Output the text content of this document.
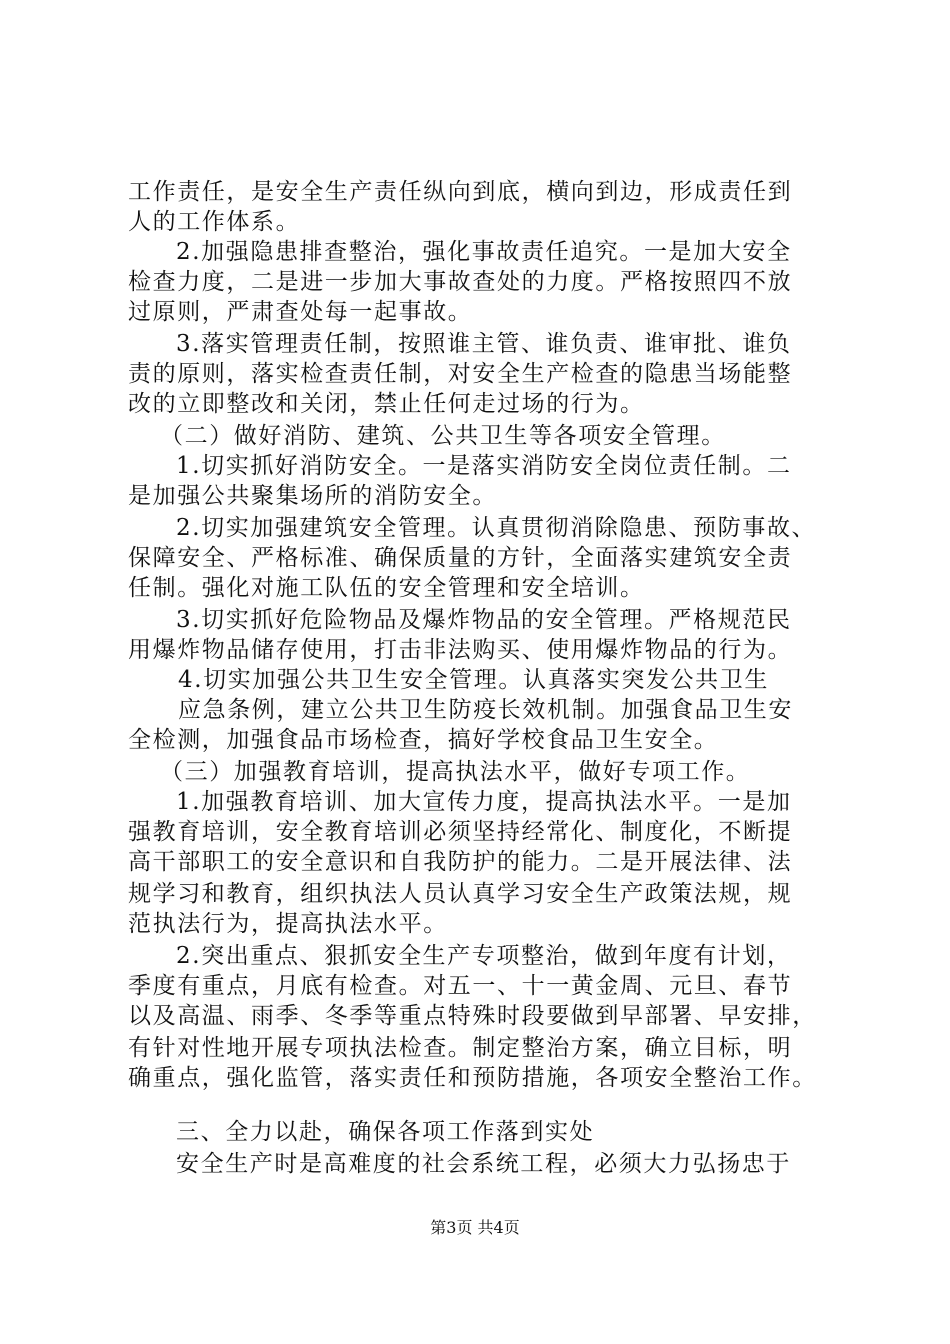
工作责任，是安全生产责任纵向到底，横向到边，形成责任到
人的工作体系。
2.加强隐患排查整治，强化事故责任追究。一是加大安全
检查力度，二是进一步加大事故查处的力度。严格按照四不放
过原则，严肃查处每一起事故。
3.落实管理责任制，按照谁主管、谁负责、谁审批、谁负
责的原则，落实检查责任制，对安全生产检查的隐患当场能整
改的立即整改和关闭，禁止任何走过场的行为。
（二）做好消防、建筑、公共卫生等各项安全管理。
1.切实抓好消防安全。一是落实消防安全岗位责任制。二
是加强公共聚集场所的消防安全。
2.切实加强建筑安全管理。认真贯彻消除隐患、预防事故、
保障安全、严格标准、确保质量的方针，全面落实建筑安全责
任制。强化对施工队伍的安全管理和安全培训。
3.切实抓好危险物品及爆炸物品的安全管理。严格规范民
用爆炸物品储存使用，打击非法购买、使用爆炸物品的行为。
4.切实加强公共卫生安全管理。认真落实突发公共卫生
应急条例，建立公共卫生防疫长效机制。加强食品卫生安
全检测，加强食品市场检查，搞好学校食品卫生安全。
（三）加强教育培训，提高执法水平，做好专项工作。
1.加强教育培训、加大宣传力度，提高执法水平。一是加
强教育培训，安全教育培训必须坚持经常化、制度化，不断提
高干部职工的安全意识和自我防护的能力。二是开展法律、法
规学习和教育，组织执法人员认真学习安全生产政策法规，规
范执法行为，提高执法水平。
2.突出重点、狠抓安全生产专项整治，做到年度有计划，
季度有重点，月底有检查。对五一、十一黄金周、元旦、春节
以及高温、雨季、冬季等重点特殊时段要做到早部署、早安排，
有针对性地开展专项执法检查。制定整治方案，确立目标，明
确重点，强化监管，落实责任和预防措施，各项安全整治工作。
三、全力以赴，确保各项工作落到实处
安全生产时是高难度的社会系统工程，必须大力弘扬忠于
第3页 共4页
